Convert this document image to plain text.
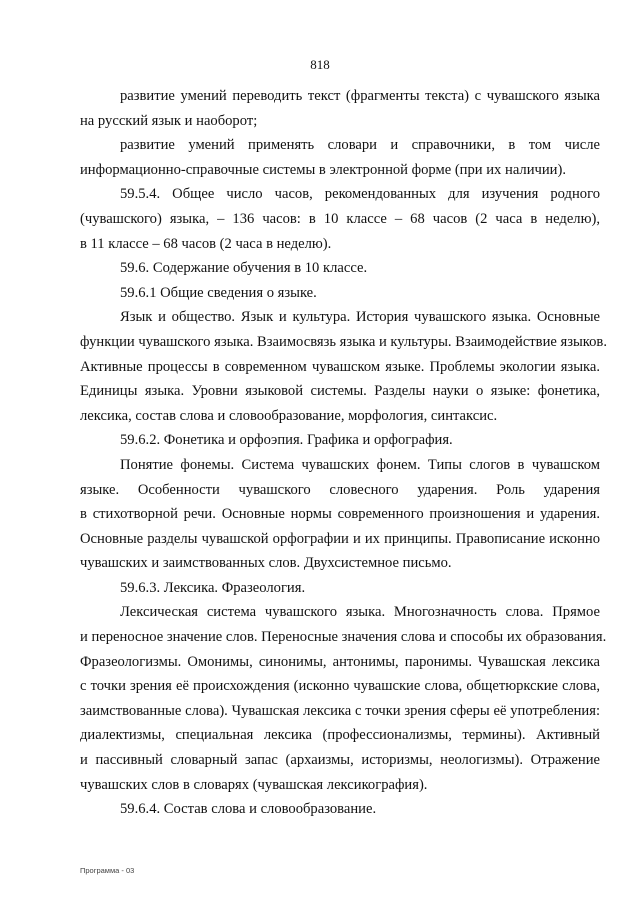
818

развитие умений переводить текст (фрагменты текста) с чувашского языка
на русский язык и наоборот;

развитие умений применять словари и справочники, в том числе
информационно-справочные системы в электронной форме (при их наличии).

59.5.4. Общее число часов, рекомендованных для изучения родного
(чувашского) языка, – 136 часов: в 10 классе – 68 часов (2 часа в неделю),
в 11 классе – 68 часов (2 часа в неделю).

59.6. Содержание обучения в 10 классе.

59.6.1 Общие сведения о языке.

Язык и общество. Язык и культура. История чувашского языка. Основные
функции чувашского языка. Взаимосвязь языка и культуры. Взаимодействие языков.
Активные процессы в современном чувашском языке. Проблемы экологии языка.
Единицы языка. Уровни языковой системы. Разделы науки о языке: фонетика,
лексика, состав слова и словообразование, морфология, синтаксис.

59.6.2. Фонетика и орфоэпия. Графика и орфография.

Понятие фонемы. Система чувашских фонем. Типы слогов в чувашском
языке. Особенности чувашского словесного ударения. Роль ударения
в стихотворной речи. Основные нормы современного произношения и ударения.
Основные разделы чувашской орфографии и их принципы. Правописание исконно
чувашских и заимствованных слов. Двухсистемное письмо.

59.6.3. Лексика. Фразеология.

Лексическая система чувашского языка. Многозначность слова. Прямое
и переносное значение слов. Переносные значения слова и способы их образования.
Фразеологизмы. Омонимы, синонимы, антонимы, паронимы. Чувашская лексика
с точки зрения её происхождения (исконно чувашские слова, общетюркские слова,
заимствованные слова). Чувашская лексика с точки зрения сферы её употребления:
диалектизмы, специальная лексика (профессионализмы, термины). Активный
и пассивный словарный запас (архаизмы, историзмы, неологизмы). Отражение
чувашских слов в словарях (чувашская лексикография).

59.6.4. Состав слова и словообразование.

Программа - 03
